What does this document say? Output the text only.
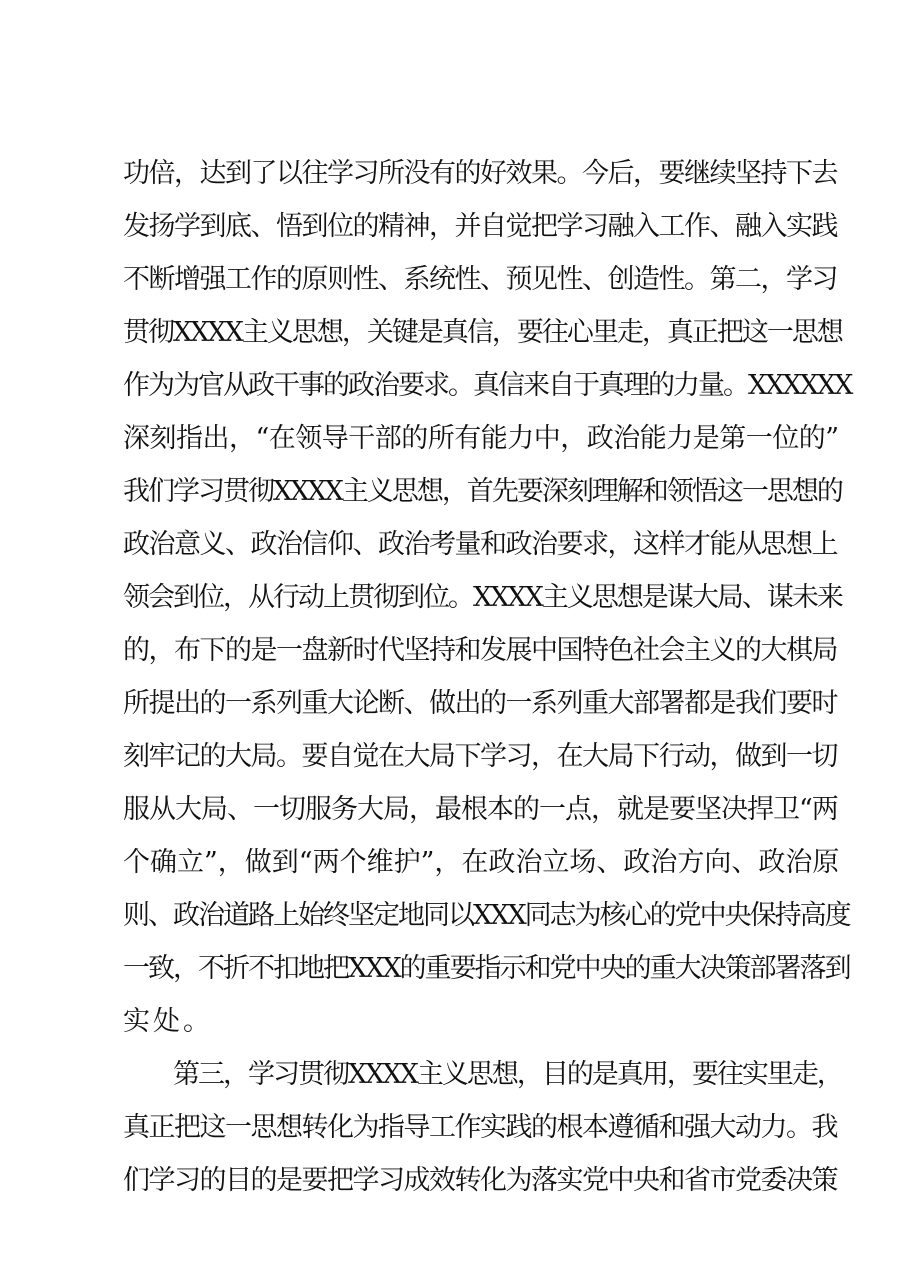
功倍，达到了以往学习所没有的好效果。今后，要继续坚持下去
发扬学到底、悟到位的精神，并自觉把学习融入工作、融入实践
不断增强工作的原则性、系统性、预见性、创造性。第二，学习
贯彻XXXX主义思想，关键是真信，要往心里走，真正把这一思想
作为为官从政干事的政治要求。真信来自于真理的力量。XXXXXX
深刻指出，“在领导干部的所有能力中，政治能力是第一位的”
我们学习贯彻XXXX主义思想，首先要深刻理解和领悟这一思想的
政治意义、政治信仰、政治考量和政治要求，这样才能从思想上
领会到位，从行动上贯彻到位。XXXX主义思想是谋大局、谋未来
的，布下的是一盘新时代坚持和发展中国特色社会主义的大棋局
所提出的一系列重大论断、做出的一系列重大部署都是我们要时
刻牢记的大局。要自觉在大局下学习，在大局下行动，做到一切
服从大局、一切服务大局，最根本的一点，就是要坚决捍卫“两
个确立”，做到“两个维护”，在政治立场、政治方向、政治原
则、政治道路上始终坚定地同以XXX同志为核心的党中央保持高度
一致，不折不扣地把XXX的重要指示和党中央的重大决策部署落到
实处。
　　第三，学习贯彻XXXX主义思想，目的是真用，要往实里走，
真正把这一思想转化为指导工作实践的根本遵循和强大动力。我
们学习的目的是要把学习成效转化为落实党中央和省市党委决策
